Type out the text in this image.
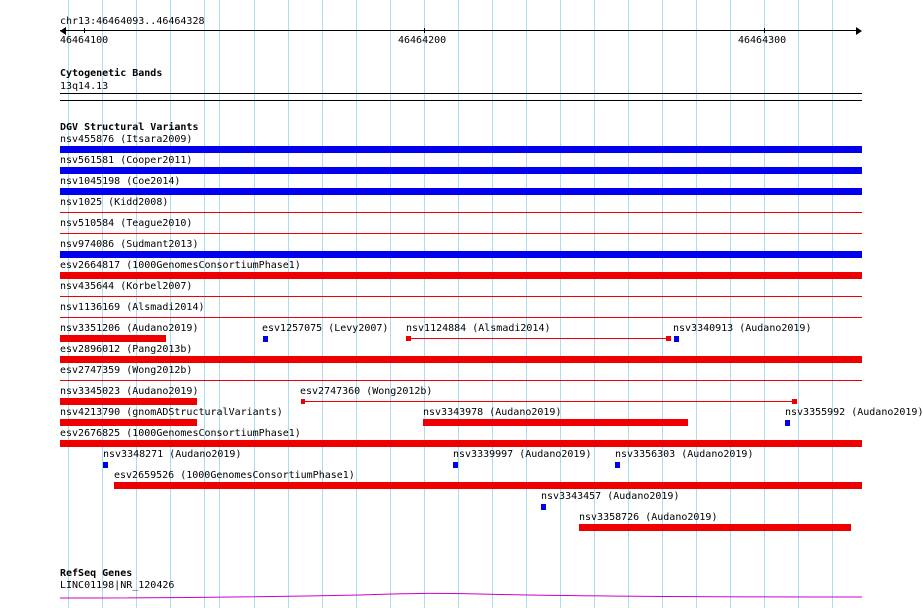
chr13:46464093..46464328
46464100	46464200	46464300
Cytogenetic Bands
13q14.13
DGV Structural Variants
nsv455876 (Itsara2009)
nsv561581 (Cooper2011)
nsv1045198 (Coe2014)
nsv1025 (Kidd2008)
nsv510584 (Teague2010)
nsv974086 (Sudmant2013)
esv2664817 (1000GenomesConsortiumPhase1)
nsv435644 (Korbel2007)
nsv1136169 (Alsmadi2014)
nsv3351206 (Audano2019)	esv1257075 (Levy2007) nsv1124884 (Alsmadi2014)	nsv3340913 (Audano2019)
esv2896012 (Pang2013b)
esv2747359 (Wong2012b)
nsv3345023 (Audano2019)	esv2747360 (Wong2012b)
nsv4213790 (gnomADStructuralVariants)	nsv3343978 (Audano2019)	nsv3355992 (Audano2019)
esv2676825 (1000GenomesConsortiumPhase1)
nsv3348271 (Audano2019)	nsv3339997 (Audano2019) nsv3356303 (Audano2019)
esv2659526 (1000GenomesConsortiumPhase1)
nsv3343457 (Audano2019)
nsv3358726 (Audano2019)
RefSeq Genes
LINC01198|NR_120426
